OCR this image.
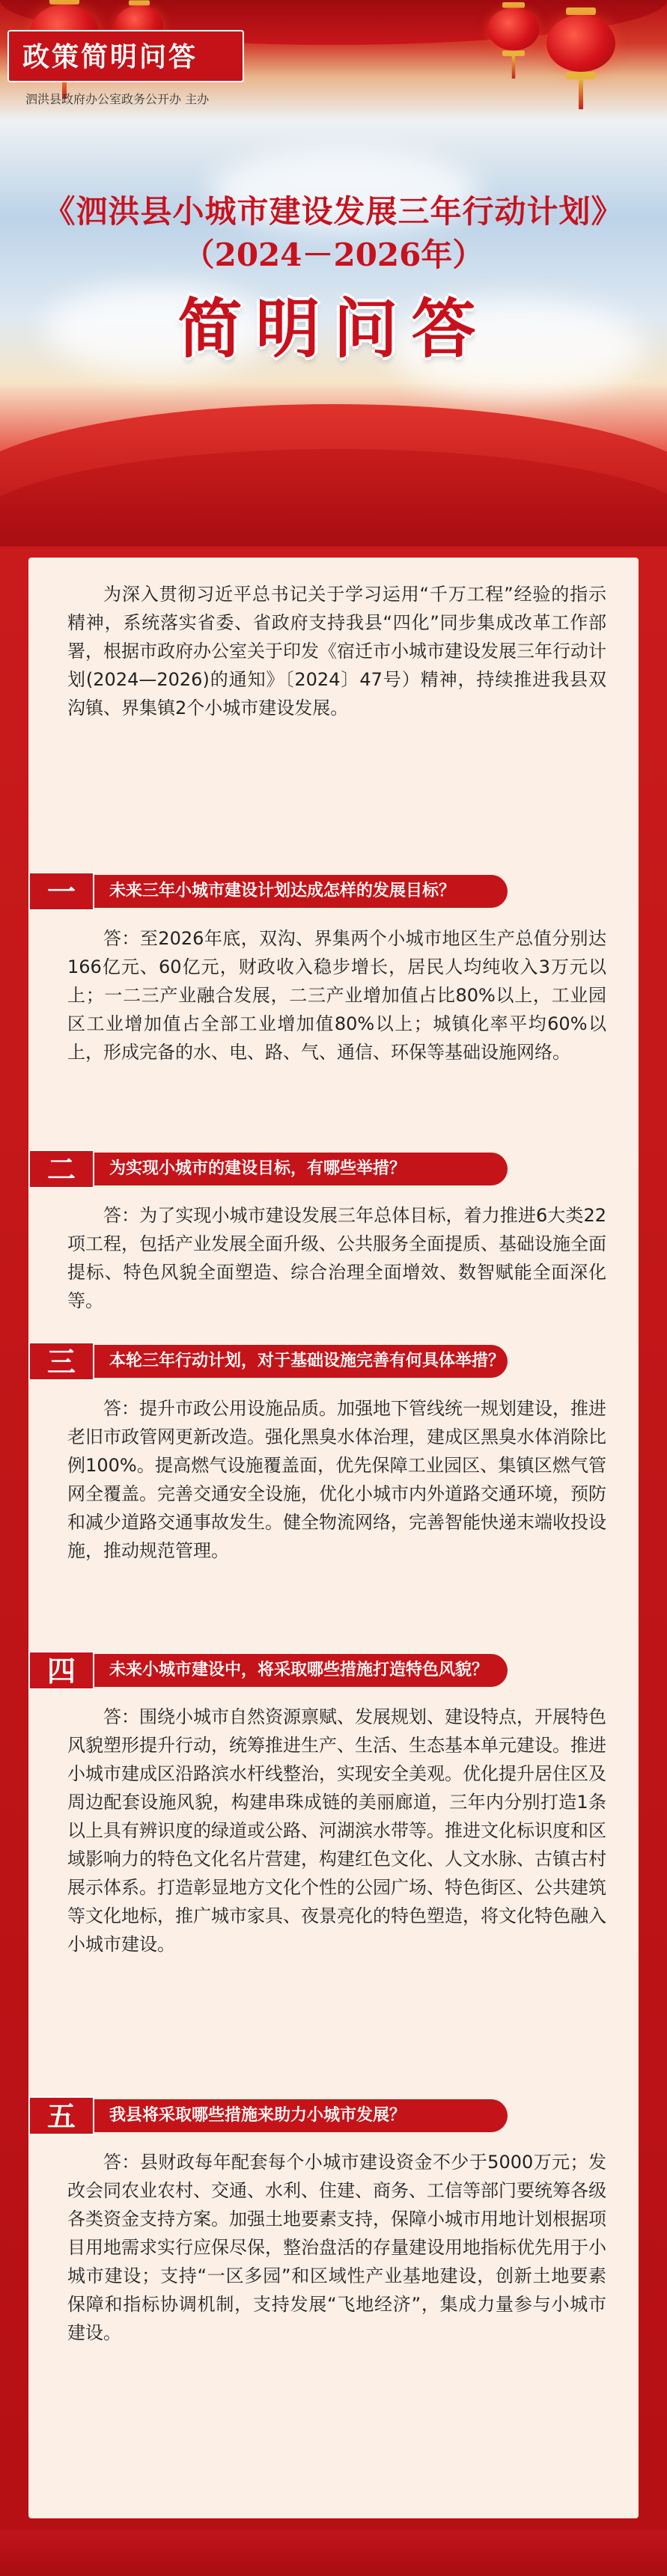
政策简明问答
泗洪县政府办公室政务公开办 主办
《泗洪县小城市建设发展三年行动计划》
（2024－2026年）
简明问答

为深入贯彻习近平总书记关于学习运用“千万工程”经验的指示精神，系统落实省委、省政府支持我县“四化”同步集成改革工作部署，根据市政府办公室关于印发《宿迁市小城市建设发展三年行动计划(2024—2026)的通知》〔2024〕47号）精神，持续推进我县双沟镇、界集镇2个小城市建设发展。

一	未来三年小城市建设计划达成怎样的发展目标？

答：至2026年底，双沟、界集两个小城市地区生产总值分别达166亿元、60亿元，财政收入稳步增长，居民人均纯收入3万元以上；一二三产业融合发展，二三产业增加值占比80%以上，工业园区工业增加值占全部工业增加值80%以上；城镇化率平均60%以上，形成完备的水、电、路、气、通信、环保等基础设施网络。

二	为实现小城市的建设目标，有哪些举措？

答：为了实现小城市建设发展三年总体目标，着力推进6大类22项工程，包括产业发展全面升级、公共服务全面提质、基础设施全面提标、特色风貌全面塑造、综合治理全面增效、数智赋能全面深化等。

三	本轮三年行动计划，对于基础设施完善有何具体举措？

答：提升市政公用设施品质。加强地下管线统一规划建设，推进老旧市政管网更新改造。强化黑臭水体治理，建成区黑臭水体消除比例100%。提高燃气设施覆盖面，优先保障工业园区、集镇区燃气管网全覆盖。完善交通安全设施，优化小城市内外道路交通环境，预防和减少道路交通事故发生。健全物流网络，完善智能快递末端收投设施，推动规范管理。

四	未来小城市建设中，将采取哪些措施打造特色风貌？

答：围绕小城市自然资源禀赋、发展规划、建设特点，开展特色风貌塑形提升行动，统筹推进生产、生活、生态基本单元建设。推进小城市建成区沿路滨水杆线整治，实现安全美观。优化提升居住区及周边配套设施风貌，构建串珠成链的美丽廊道，三年内分别打造1条以上具有辨识度的绿道或公路、河湖滨水带等。推进文化标识度和区域影响力的特色文化名片营建，构建红色文化、人文水脉、古镇古村展示体系。打造彰显地方文化个性的公园广场、特色街区、公共建筑等文化地标，推广城市家具、夜景亮化的特色塑造，将文化特色融入小城市建设。

五	我县将采取哪些措施来助力小城市发展？

答：县财政每年配套每个小城市建设资金不少于5000万元；发改会同农业农村、交通、水利、住建、商务、工信等部门要统筹各级各类资金支持方案。加强土地要素支持，保障小城市用地计划根据项目用地需求实行应保尽保，整治盘活的存量建设用地指标优先用于小城市建设；支持“一区多园”和区域性产业基地建设，创新土地要素保障和指标协调机制，支持发展“飞地经济”，集成力量参与小城市建设。
